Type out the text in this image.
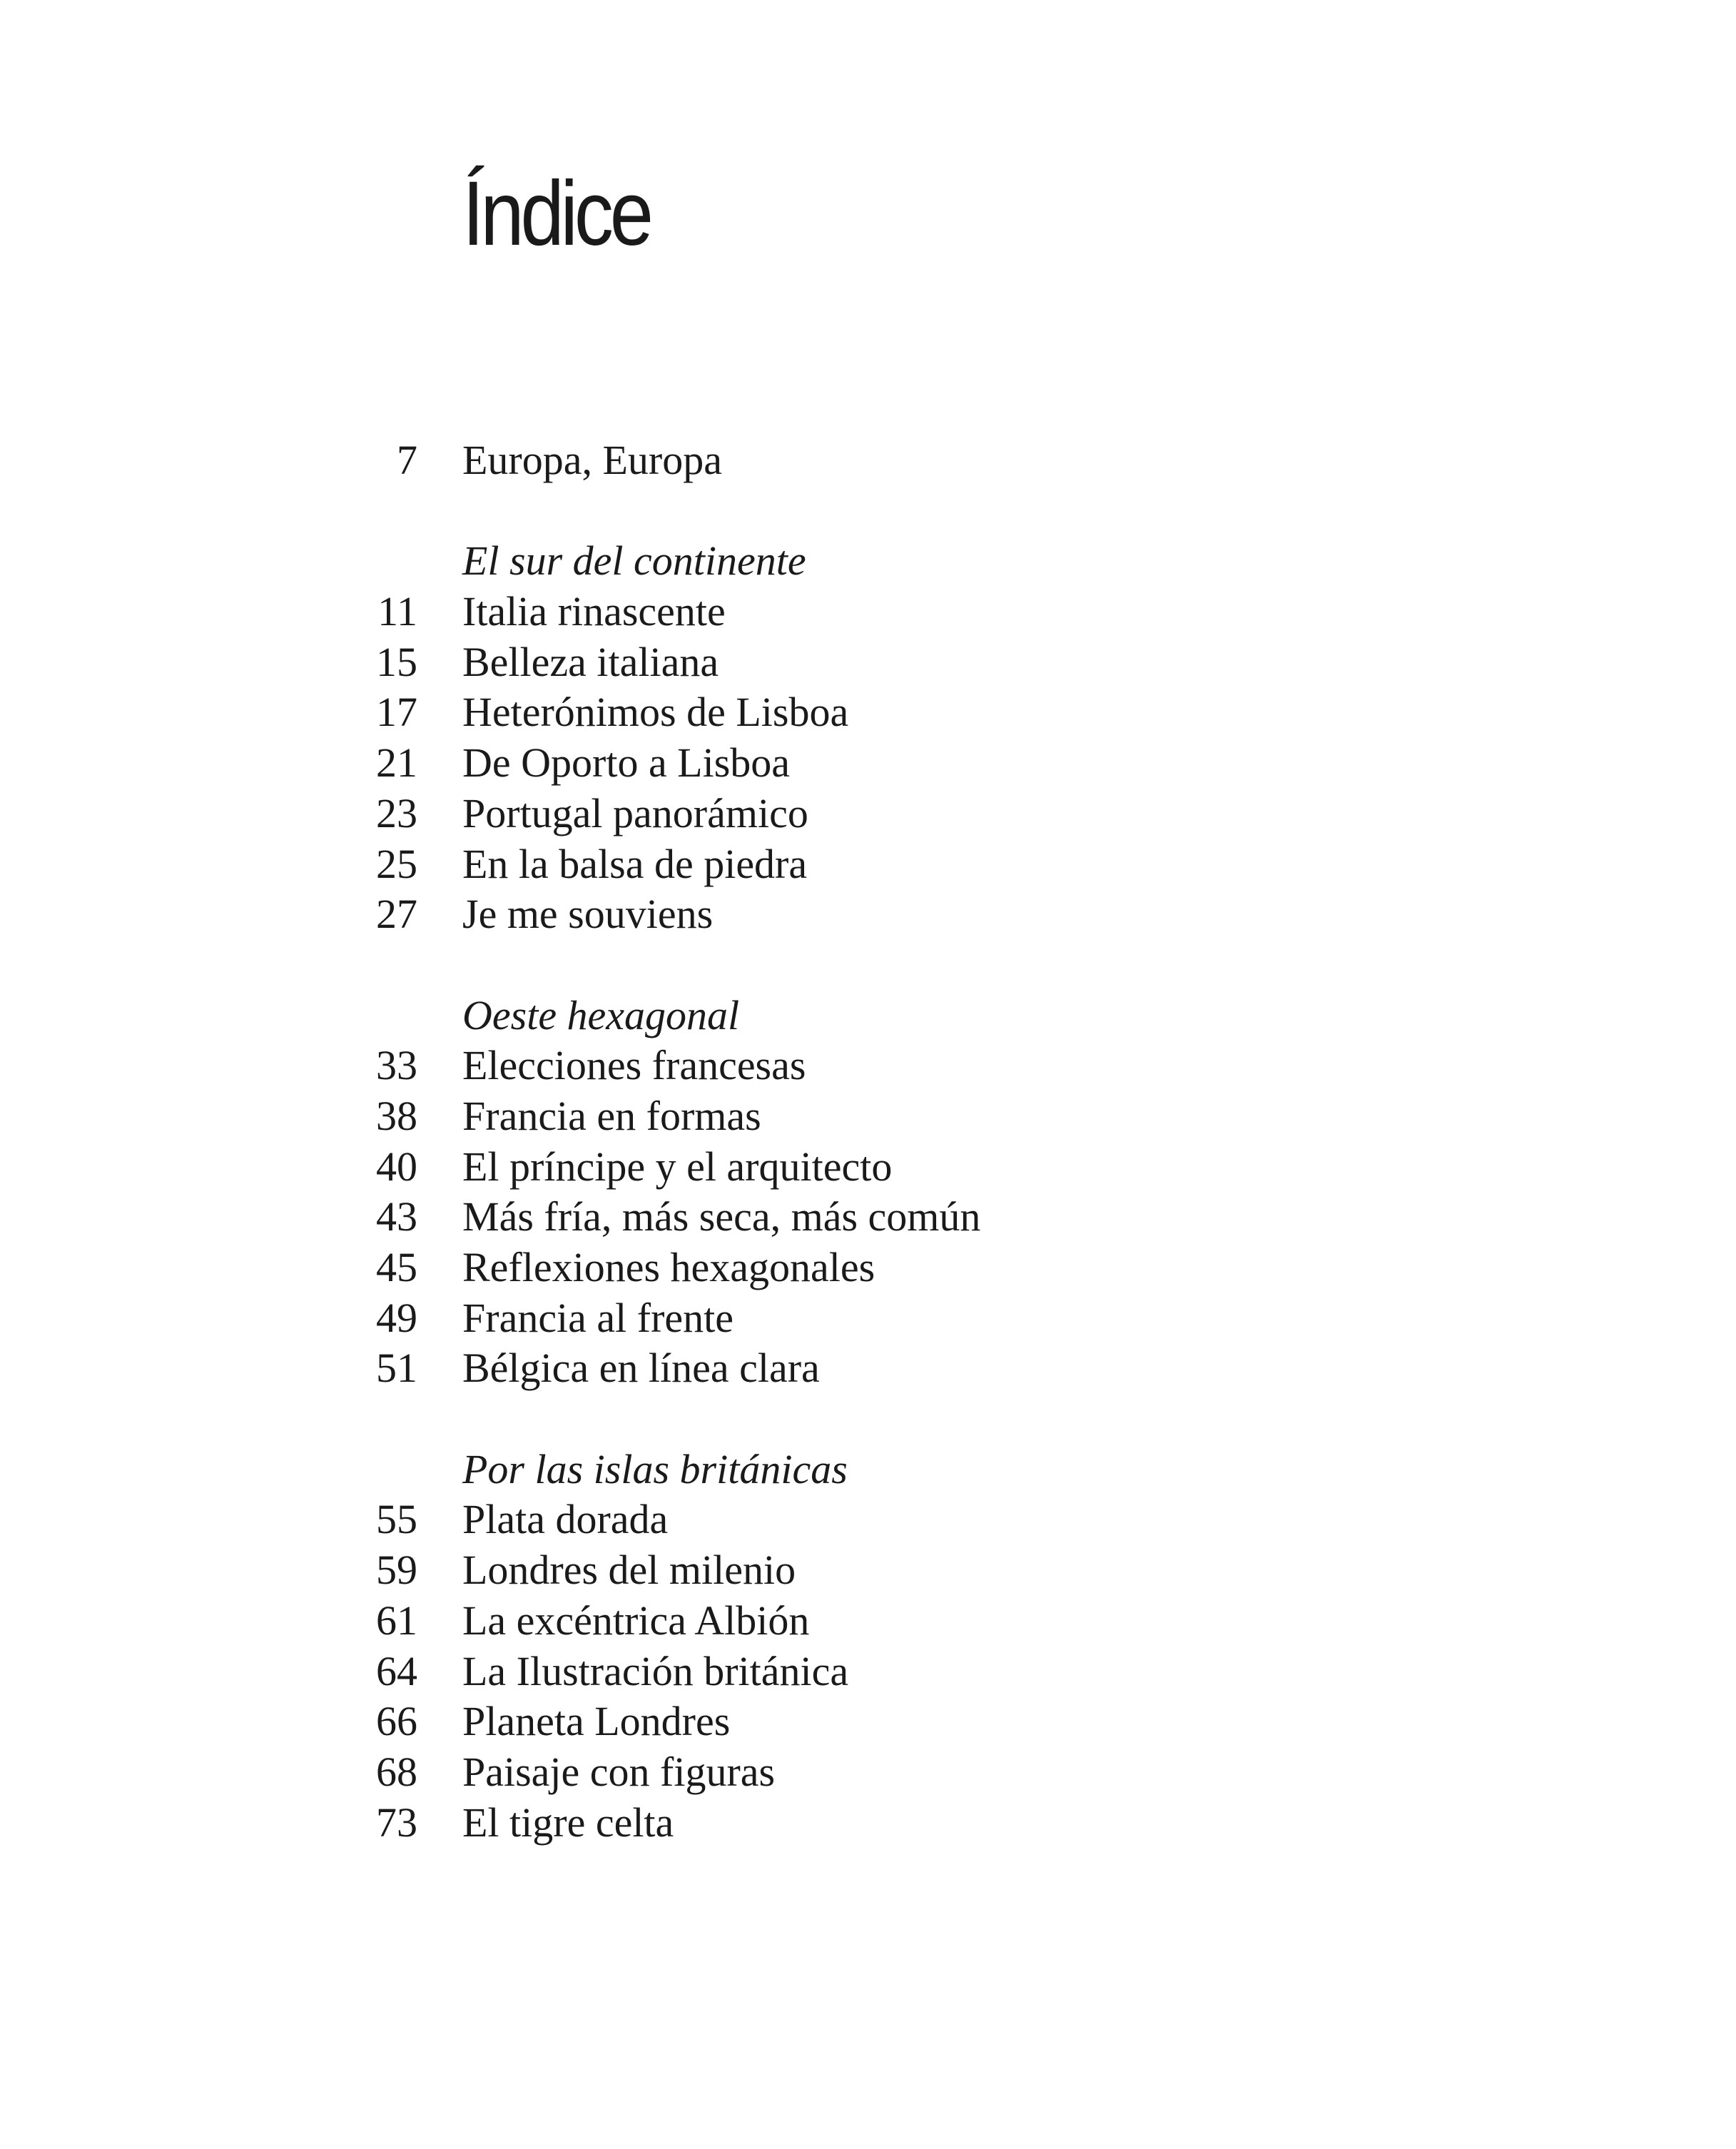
Índice
7 Europa, Europa
El sur del continente
11 Italia rinascente
15 Belleza italiana
17 Heterónimos de Lisboa
21 De Oporto a Lisboa
23 Portugal panorámico
25 En la balsa de piedra
27 Je me souviens
Oeste hexagonal
33 Elecciones francesas
38 Francia en formas
40 El príncipe y el arquitecto
43 Más fría, más seca, más común
45 Reflexiones hexagonales
49 Francia al frente
51 Bélgica en línea clara
Por las islas británicas
55 Plata dorada
59 Londres del milenio
61 La excéntrica Albión
64 La Ilustración británica
66 Planeta Londres
68 Paisaje con figuras
73 El tigre celta
